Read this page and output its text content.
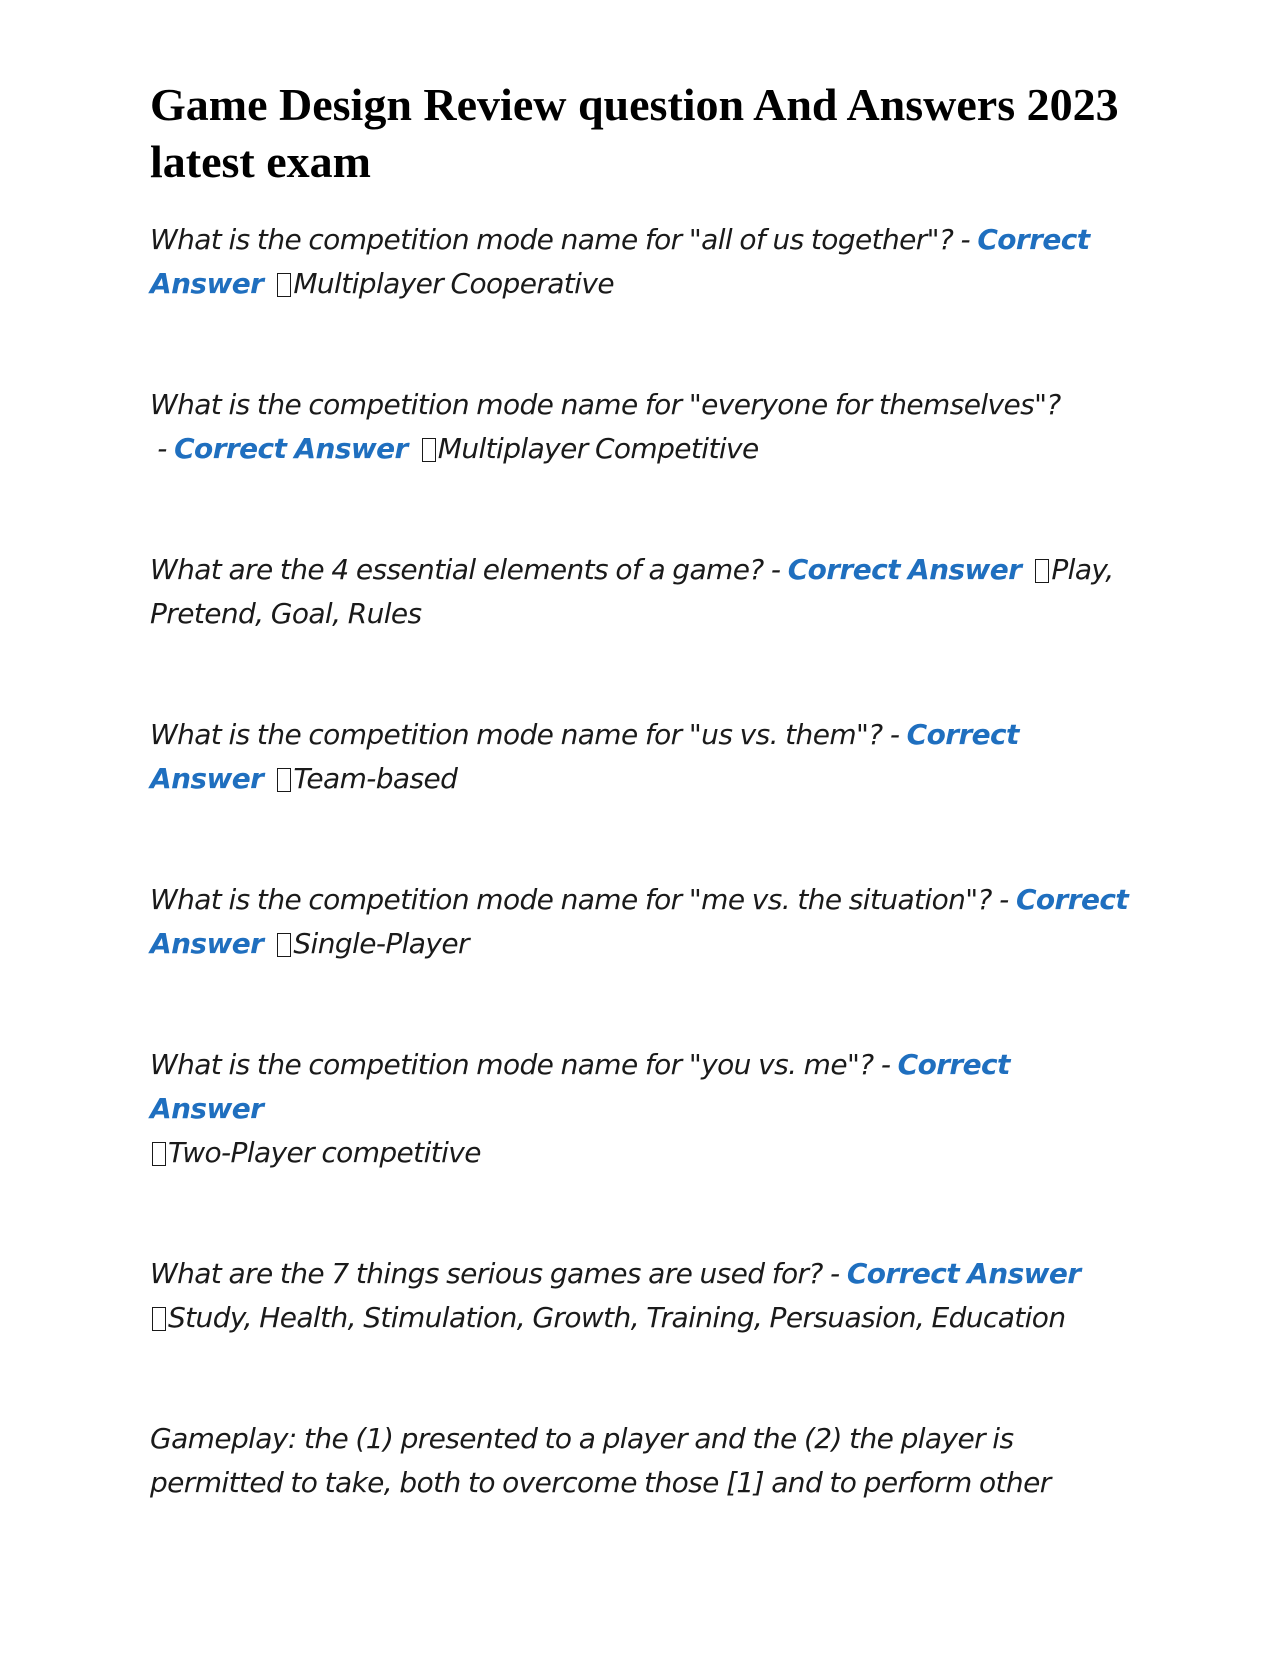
Game Design Review question And Answers 2023 latest exam
What is the competition mode name for "all of us together"? - Correct Answer Multiplayer Cooperative
What is the competition mode name for "everyone for themselves"? - Correct Answer Multiplayer Competitive
What are the 4 essential elements of a game? - Correct Answer Play, Pretend, Goal, Rules
What is the competition mode name for "us vs. them"? - Correct Answer Team-based
What is the competition mode name for "me vs. the situation"? - Correct Answer Single-Player
What is the competition mode name for "you vs. me"? - Correct Answer
Two-Player competitive
What are the 7 things serious games are used for? - Correct Answer
Study, Health, Stimulation, Growth, Training, Persuasion, Education
Gameplay: the (1) presented to a player and the (2) the player is permitted to take, both to overcome those [1] and to perform other
